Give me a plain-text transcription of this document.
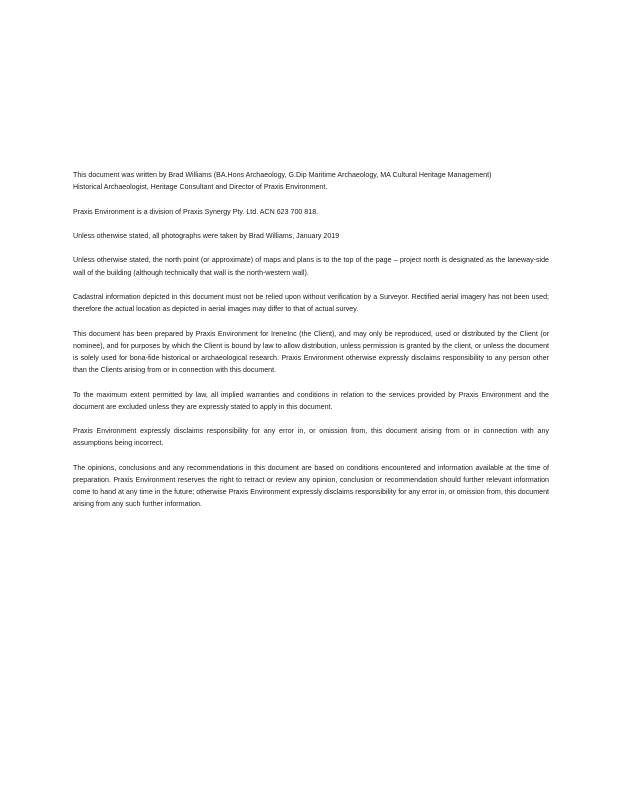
This document was written by Brad Williams (BA.Hons Archaeology, G.Dip Maritime Archaeology, MA Cultural Heritage Management)
Historical Archaeologist, Heritage Consultant and Director of Praxis Environment.

Praxis Environment is a division of Praxis Synergy Pty. Ltd. ACN 623 700 818.

Unless otherwise stated, all photographs were taken by Brad Williams, January 2019

Unless otherwise stated, the north point (or approximate) of maps and plans is to the top of the page – project north is designated as the laneway-side wall of the building (although technically that wall is the north-western wall).

Cadastral information depicted in this document must not be relied upon without verification by a Surveyor. Rectified aerial imagery has not been used; therefore the actual location as depicted in aerial images may differ to that of actual survey.

This document has been prepared by Praxis Environment for IreneInc (the Client), and may only be reproduced, used or distributed by the Client (or nominee), and for purposes by which the Client is bound by law to allow distribution, unless permission is granted by the client, or unless the document is solely used for bona-fide historical or archaeological research. Praxis Environment otherwise expressly disclaims responsibility to any person other than the Clients arising from or in connection with this document.

To the maximum extent permitted by law, all implied warranties and conditions in relation to the services provided by Praxis Environment and the document are excluded unless they are expressly stated to apply in this document.

Praxis Environment expressly disclaims responsibility for any error in, or omission from, this document arising from or in connection with any assumptions being incorrect.

The opinions, conclusions and any recommendations in this document are based on conditions encountered and information available at the time of preparation. Praxis Environment reserves the right to retract or review any opinion, conclusion or recommendation should further relevant information come to hand at any time in the future; otherwise Praxis Environment expressly disclaims responsibility for any error in, or omission from, this document arising from any such further information.
